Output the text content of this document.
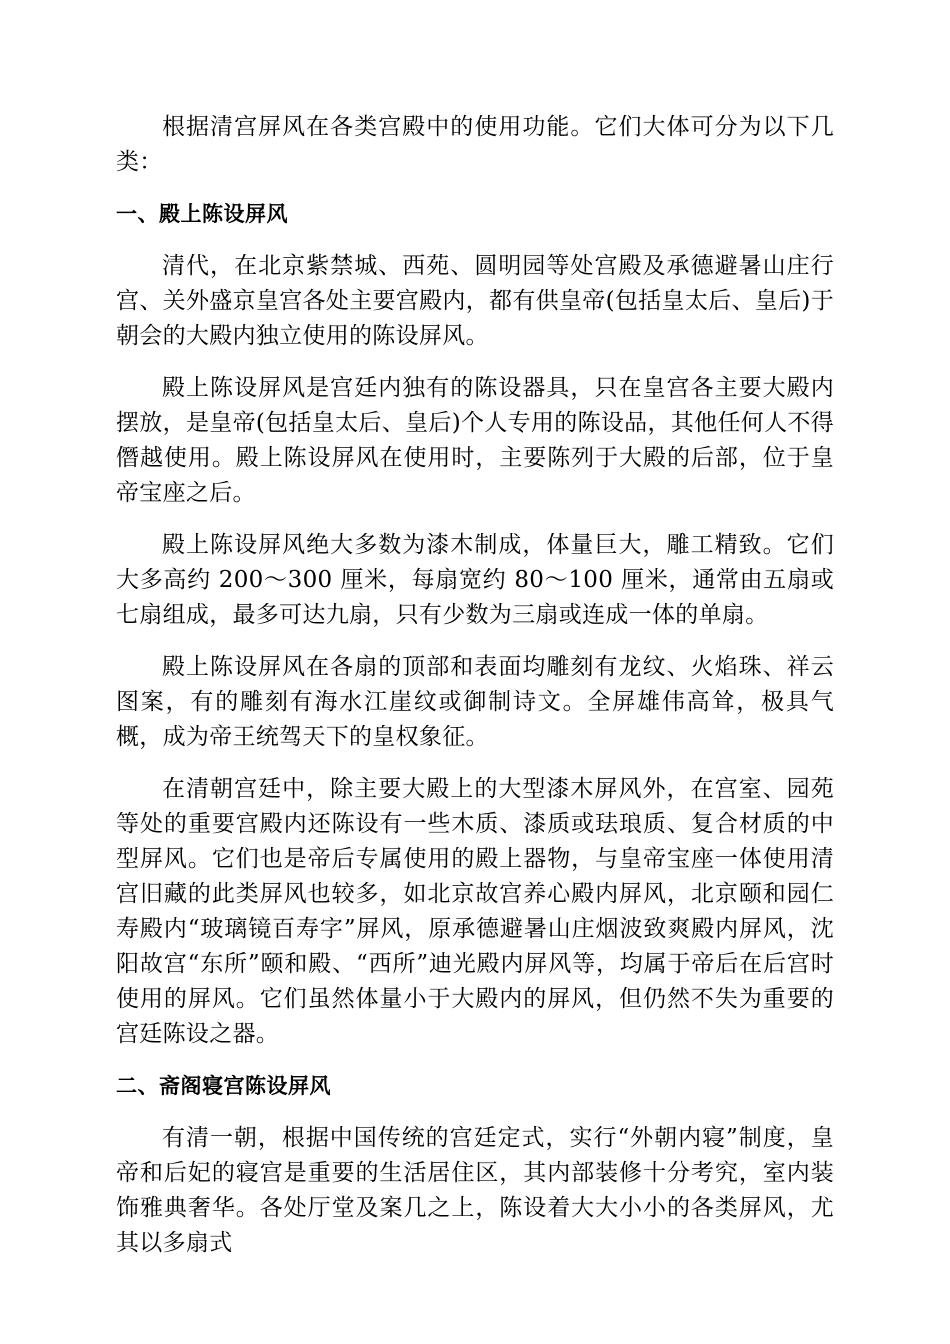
根据清宫屏风在各类宫殿中的使用功能。它们大体可分为以下几类：

一、殿上陈设屏风

清代，在北京紫禁城、西苑、圆明园等处宫殿及承德避暑山庄行宫、关外盛京皇宫各处主要宫殿内，都有供皇帝(包括皇太后、皇后)于朝会的大殿内独立使用的陈设屏风。

殿上陈设屏风是宫廷内独有的陈设器具，只在皇宫各主要大殿内摆放，是皇帝(包括皇太后、皇后)个人专用的陈设品，其他任何人不得僭越使用。殿上陈设屏风在使用时，主要陈列于大殿的后部，位于皇帝宝座之后。

殿上陈设屏风绝大多数为漆木制成，体量巨大，雕工精致。它们大多高约 200～300 厘米，每扇宽约 80～100 厘米，通常由五扇或七扇组成，最多可达九扇，只有少数为三扇或连成一体的单扇。

殿上陈设屏风在各扇的顶部和表面均雕刻有龙纹、火焰珠、祥云图案，有的雕刻有海水江崖纹或御制诗文。全屏雄伟高耸，极具气概，成为帝王统驾天下的皇权象征。

在清朝宫廷中，除主要大殿上的大型漆木屏风外，在宫室、园苑等处的重要宫殿内还陈设有一些木质、漆质或珐琅质、复合材质的中型屏风。它们也是帝后专属使用的殿上器物，与皇帝宝座一体使用清宫旧藏的此类屏风也较多，如北京故宫养心殿内屏风，北京颐和园仁寿殿内“玻璃镜百寿字”屏风，原承德避暑山庄烟波致爽殿内屏风，沈阳故宫“东所”颐和殿、“西所”迪光殿内屏风等，均属于帝后在后宫时使用的屏风。它们虽然体量小于大殿内的屏风，但仍然不失为重要的宫廷陈设之器。

二、斋阁寝宫陈设屏风

有清一朝，根据中国传统的宫廷定式，实行“外朝内寝”制度，皇帝和后妃的寝宫是重要的生活居住区，其内部装修十分考究，室内装饰雅典奢华。各处厅堂及案几之上，陈设着大大小小的各类屏风，尤其以多扇式
